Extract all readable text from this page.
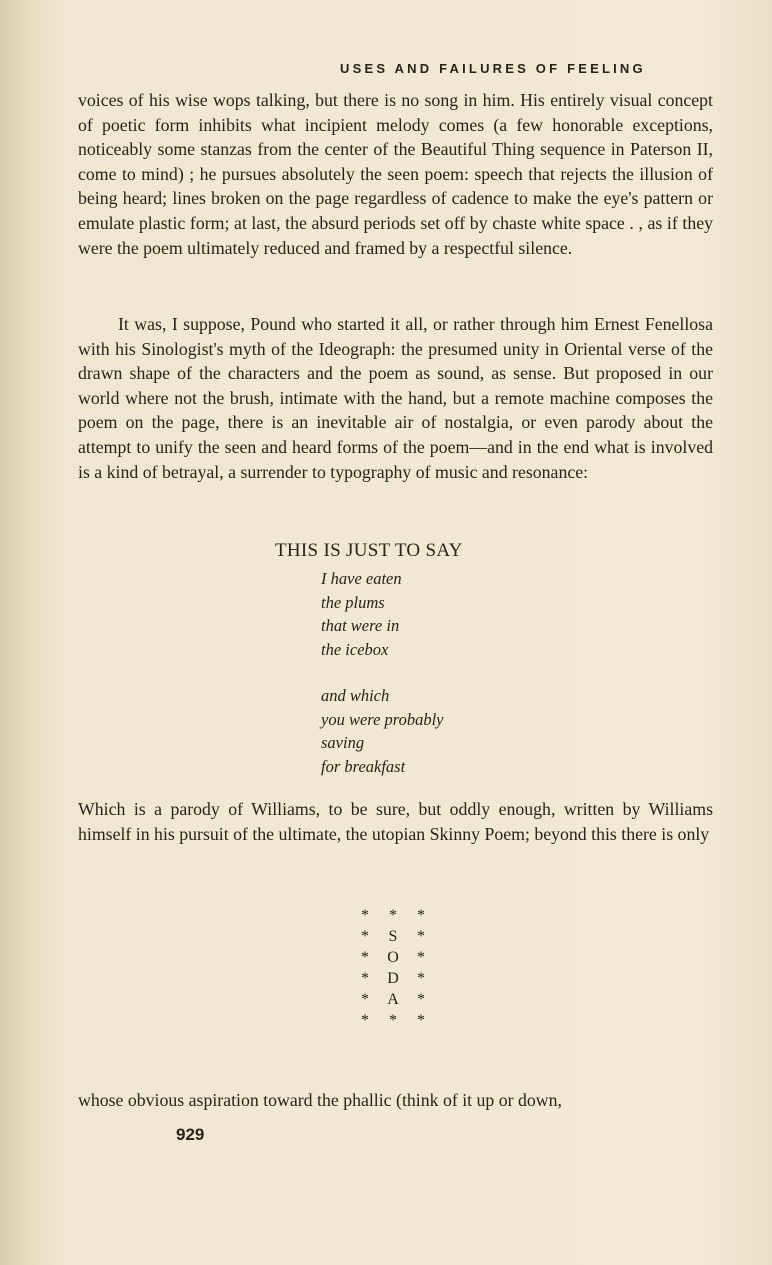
USES AND FAILURES OF FEELING

voices of his wise wops talking, but there is no song in him. His entirely visual concept of poetic form inhibits what incipient melody comes (a few honorable exceptions, noticeably some stanzas from the center of the Beautiful Thing sequence in Paterson II, come to mind) ; he pursues absolutely the seen poem: speech that rejects the illusion of being heard; lines broken on the page regardless of cadence to make the eye's pattern or emulate plastic form; at last, the absurd periods set off by chaste white space . , as if they were the poem ultimately reduced and framed by a respectful silence.

It was, I suppose, Pound who started it all, or rather through him Ernest Fenellosa with his Sinologist's myth of the Ideograph: the presumed unity in Oriental verse of the drawn shape of the characters and the poem as sound, as sense. But proposed in our world where not the brush, intimate with the hand, but a remote machine composes the poem on the page, there is an inevitable air of nostalgia, or even parody about the attempt to unify the seen and heard forms of the poem—and in the end what is involved is a kind of betrayal, a surrender to typography of music and resonance:

THIS IS JUST TO SAY
I have eaten
the plums
that were in
the icebox
and which
you were probably
saving
for breakfast

Which is a parody of Williams, to be sure, but oddly enough, written by Williams himself in his pursuit of the ultimate, the utopian Skinny Poem; beyond this there is only

*	*	*
*	S	*
*	O	*
*	D	*
*	A	*
*	*	*

whose obvious aspiration toward the phallic (think of it up or down,

929
